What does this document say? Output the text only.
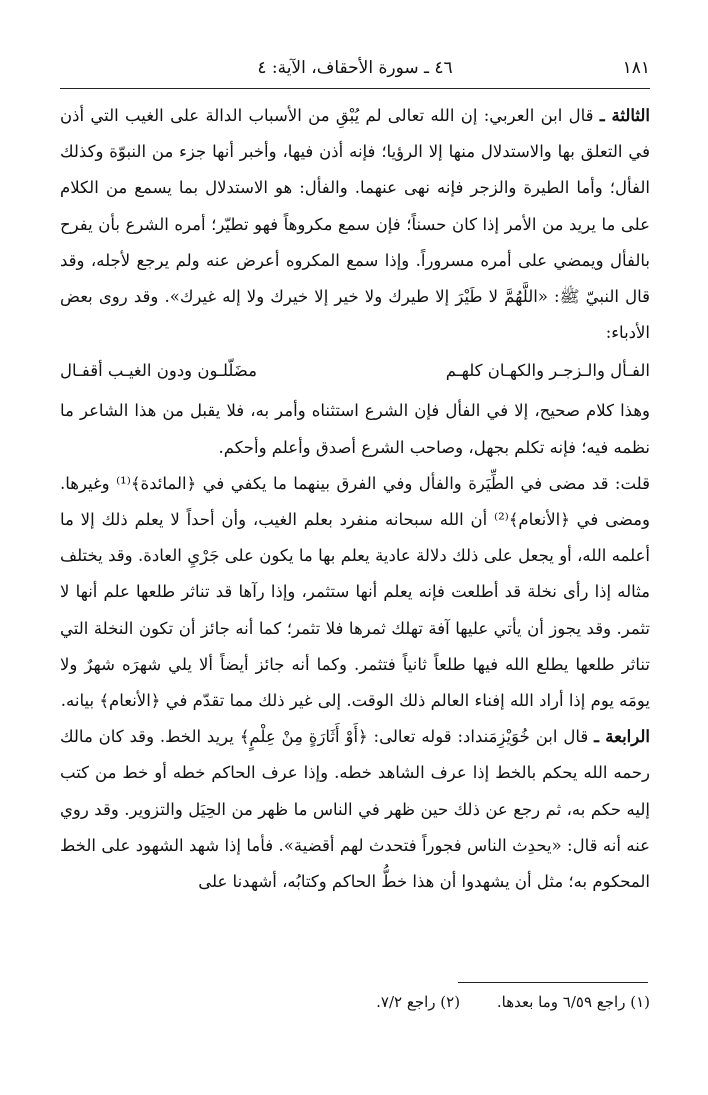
١٨١
٤٦ ـ سورة الأحقاف، الآية: ٤

الثالثة ـ قال ابن العربي: إن الله تعالى لم يُبْقِ من الأسباب الدالة على الغيب التي أذن في التعلق بها والاستدلال منها إلا الرؤيا؛ فإنه أذن فيها، وأخبر أنها جزء من النبوّة وكذلك الفأل؛ وأما الطيرة والزجر فإنه نهى عنهما. والفأل: هو الاستدلال بما يسمع من الكلام على ما يريد من الأمر إذا كان حسناً؛ فإن سمع مكروهاً فهو تطيّر؛ أمره الشرع بأن يفرح بالفأل ويمضي على أمره مسروراً. وإذا سمع المكروه أعرض عنه ولم يرجع لأجله، وقد قال النبيّ ﷺ: «اللَّهُمَّ لا طَيْرَ إلا طيرك ولا خير إلا خيرك ولا إله غيرك». وقد روى بعض الأدباء:

الفـأل والـزجـر والكهـان كلهـم
مضَلّلـون ودون الغيـب أقفـال

وهذا كلام صحيح، إلا في الفأل فإن الشرع استثناه وأمر به، فلا يقبل من هذا الشاعر ما نظمه فيه؛ فإنه تكلم بجهل، وصاحب الشرع أصدق وأعلم وأحكم.

قلت: قد مضى في الطِّيَرة والفأل وفي الفرق بينهما ما يكفي في ﴿المائدة﴾⁽¹⁾ وغيرها. ومضى في ﴿الأنعام﴾⁽²⁾ أن الله سبحانه منفرد بعلم الغيب، وأن أحداً لا يعلم ذلك إلا ما أعلمه الله، أو يجعل على ذلك دلالة عادية يعلم بها ما يكون على جَرْيِ العادة. وقد يختلف مثاله إذا رأى نخلة قد أطلعت فإنه يعلم أنها ستثمر، وإذا رآها قد تناثر طلعها علم أنها لا تثمر. وقد يجوز أن يأتي عليها آفة تهلك ثمرها فلا تثمر؛ كما أنه جائز أن تكون النخلة التي تناثر طلعها يطلع الله فيها طلعاً ثانياً فتثمر. وكما أنه جائز أيضاً ألا يلي شهرَه شهرٌ ولا يومَه يوم إذا أراد الله إفناء العالم ذلك الوقت. إلى غير ذلك مما تقدّم في ﴿الأنعام﴾ بيانه.

الرابعة ـ قال ابن خُوَيْزِمَنداد: قوله تعالى: ﴿أَوْ أَثَارَةٍ مِنْ عِلْمٍ﴾ يريد الخط. وقد كان مالك رحمه الله يحكم بالخط إذا عرف الشاهد خطه. وإذا عرف الحاكم خطه أو خط من كتب إليه حكم به، ثم رجع عن ذلك حين ظهر في الناس ما ظهر من الحِيَل والتزوير. وقد روي عنه أنه قال: «يحدِث الناس فجوراً فتحدث لهم أقضية». فأما إذا شهد الشهود على الخط المحكوم به؛ مثل أن يشهدوا أن هذا خطُّ الحاكم وكتابُه، أشهدنا على

(١) راجع ٦/٥٩ وما بعدها. (٢) راجع ٧/٢.
